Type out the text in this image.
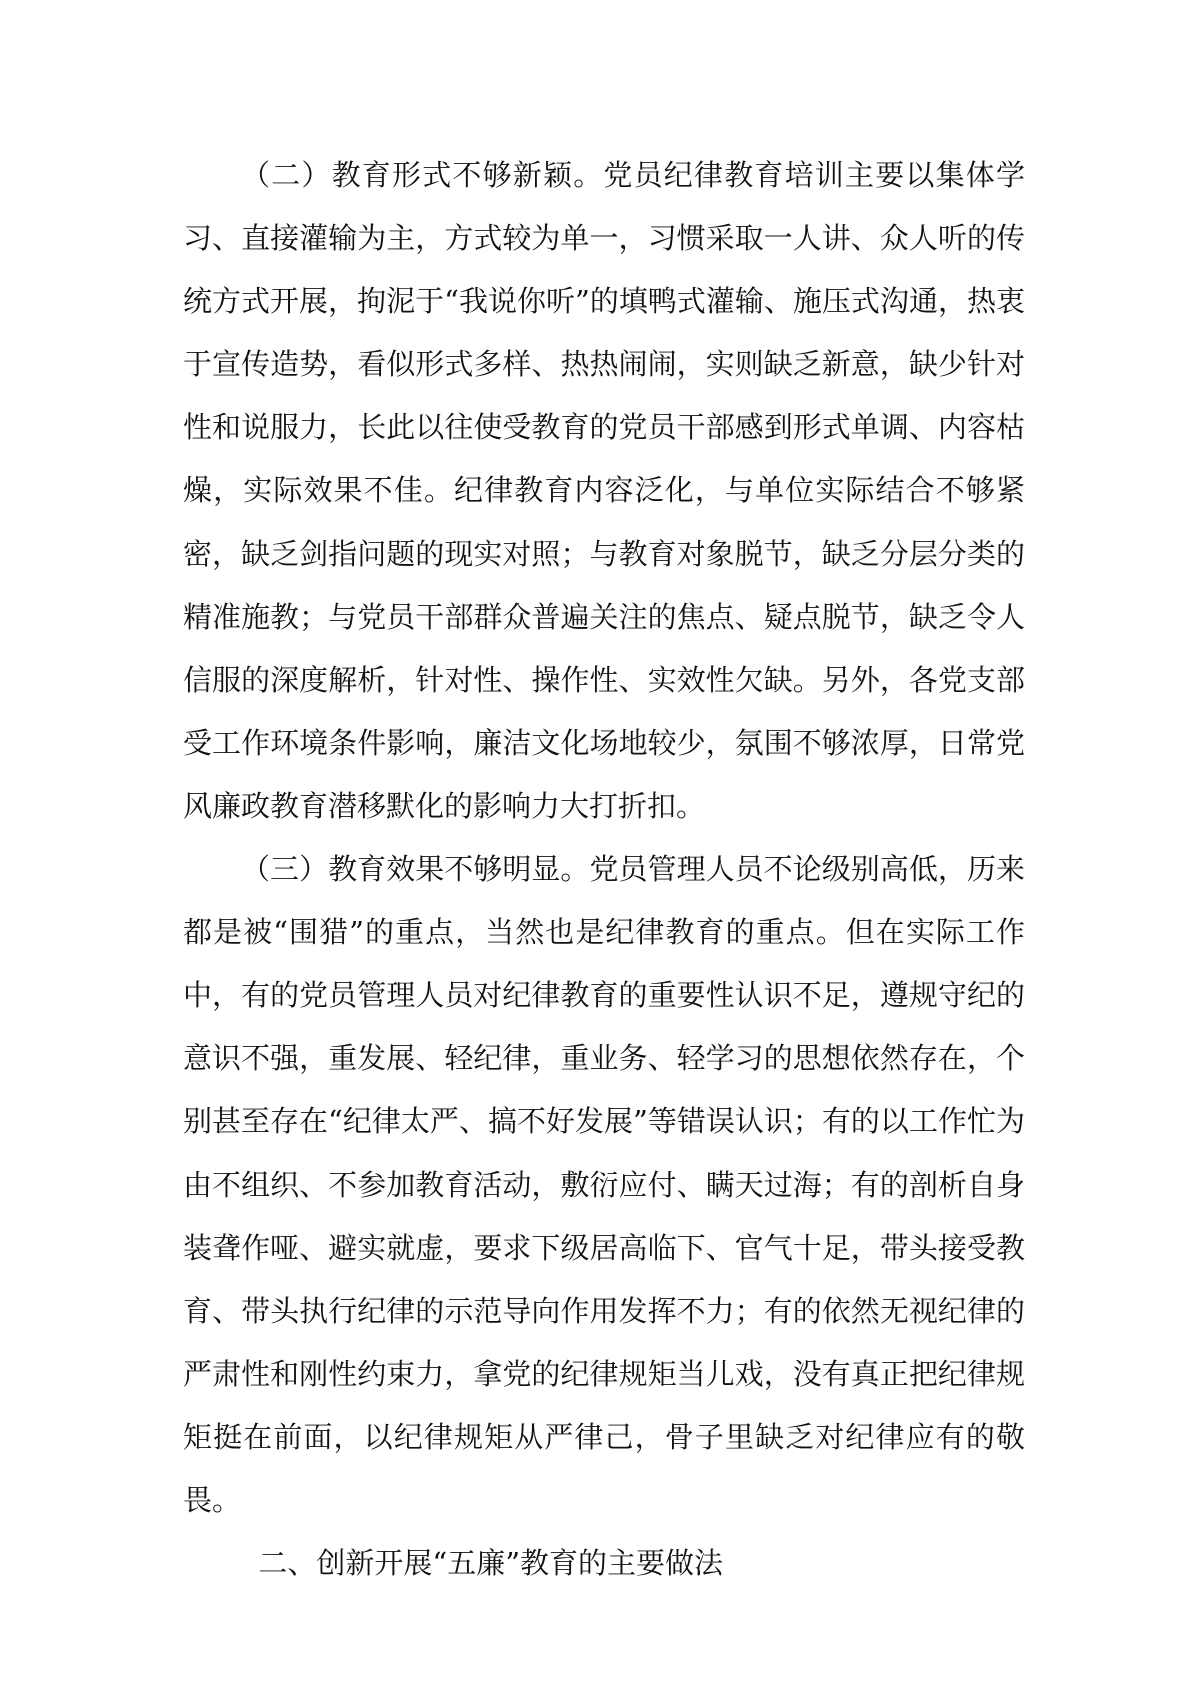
（二）教育形式不够新颖。党员纪律教育培训主要以集体学习、直接灌输为主，方式较为单一，习惯采取一人讲、众人听的传统方式开展，拘泥于“我说你听”的填鸭式灌输、施压式沟通，热衷于宣传造势，看似形式多样、热热闹闹，实则缺乏新意，缺少针对性和说服力，长此以往使受教育的党员干部感到形式单调、内容枯燥，实际效果不佳。纪律教育内容泛化，与单位实际结合不够紧密，缺乏剑指问题的现实对照；与教育对象脱节，缺乏分层分类的精准施教；与党员干部群众普遍关注的焦点、疑点脱节，缺乏令人信服的深度解析，针对性、操作性、实效性欠缺。另外，各党支部受工作环境条件影响，廉洁文化场地较少，氛围不够浓厚，日常党风廉政教育潜移默化的影响力大打折扣。

（三）教育效果不够明显。党员管理人员不论级别高低，历来都是被“围猎”的重点，当然也是纪律教育的重点。但在实际工作中，有的党员管理人员对纪律教育的重要性认识不足，遵规守纪的意识不强，重发展、轻纪律，重业务、轻学习的思想依然存在，个别甚至存在“纪律太严、搞不好发展”等错误认识；有的以工作忙为由不组织、不参加教育活动，敷衍应付、瞒天过海；有的剖析自身装聋作哑、避实就虚，要求下级居高临下、官气十足，带头接受教育、带头执行纪律的示范导向作用发挥不力；有的依然无视纪律的严肃性和刚性约束力，拿党的纪律规矩当儿戏，没有真正把纪律规矩挺在前面，以纪律规矩从严律己，骨子里缺乏对纪律应有的敬畏。

二、创新开展“五廉”教育的主要做法
